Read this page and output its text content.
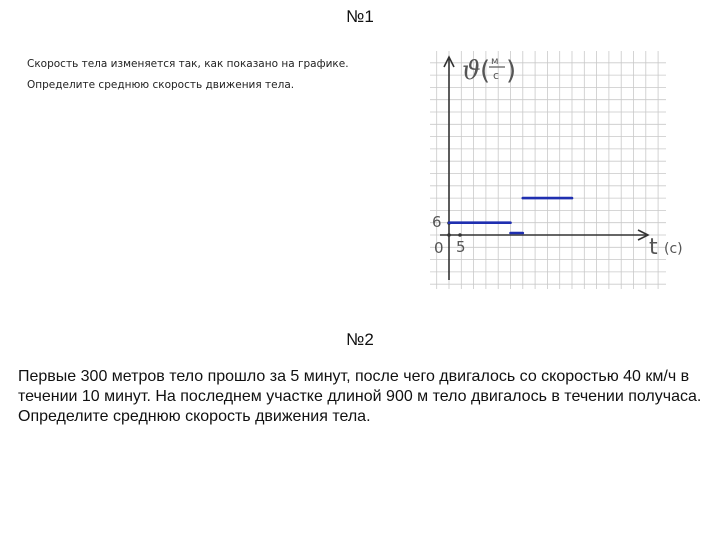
№1
Скорость тела изменяется так, как показано на графике.
Определите среднюю скорость движения тела.	ϑ ( м
с )
t (c)
0 5
6
№2

Первые 300 метров тело прошло за 5 минут, после чего двигалось со скоростью 40 км/ч в течении 10 минут. На последнем участке длиной 900 м тело двигалось в течении получаса. Определите среднюю скорость движения тела.
